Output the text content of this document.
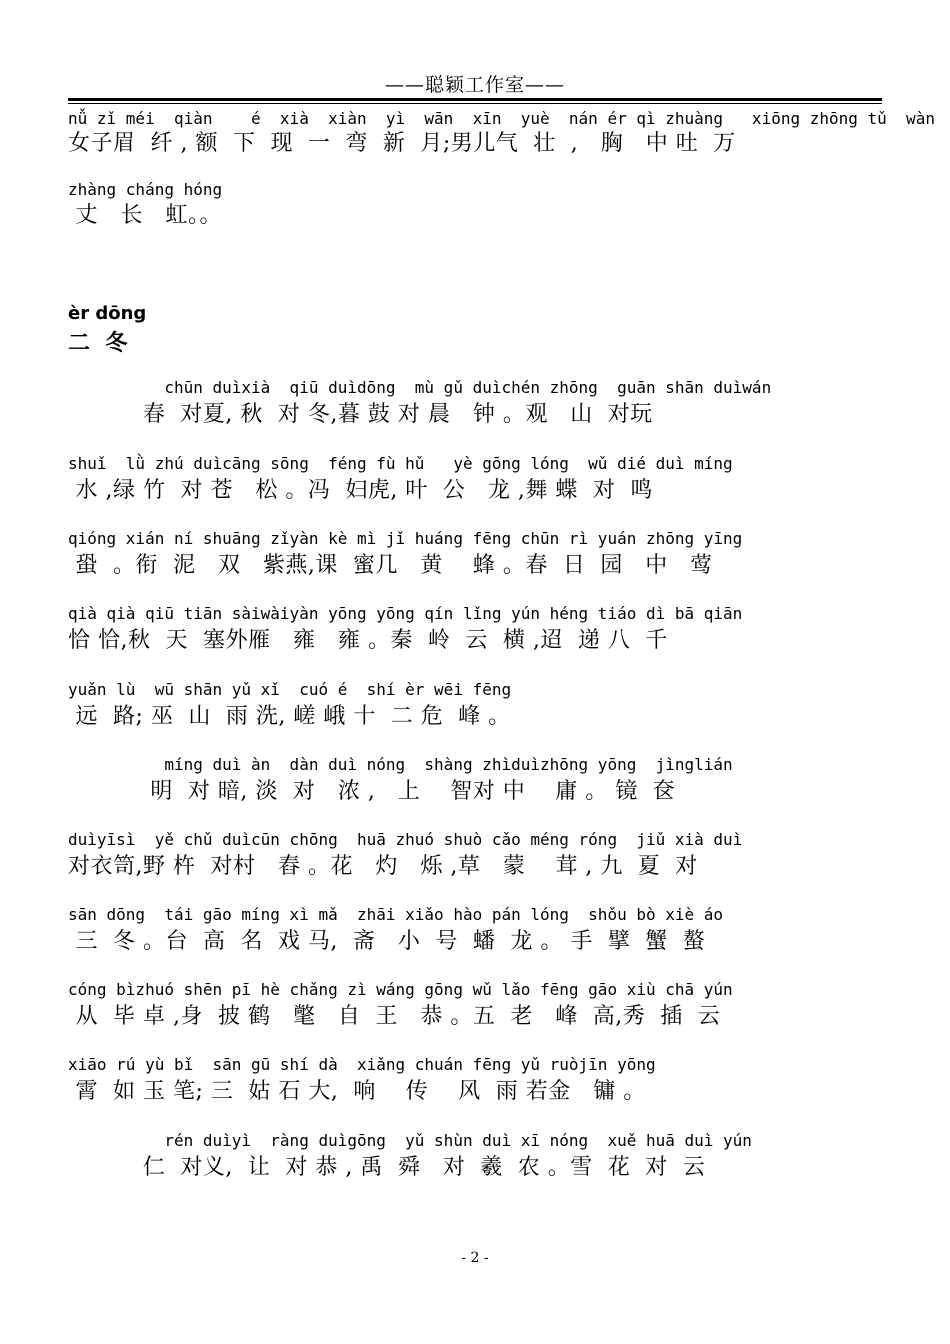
——聪颖工作室——
nǚ zǐ méi  qiàn    é  xià  xiàn  yì  wān  xīn  yuè  nán ér qì zhuàng   xiōng zhōng tǔ  wàn
女子眉  纤 , 额  下  现  一  弯  新  月;男儿气  壮  ,   胸   中 吐  万
zhàng cháng hóng
丈   长   虹。。
èr dōng
二  冬
chūn duìxià  qiū duìdōng  mù gǔ duìchén zhōng  guān shān duìwán
春  对夏, 秋  对 冬,暮 鼓 对 晨   钟 。观   山  对玩
shuǐ  lǜ zhú duìcāng sōng  féng fù hǔ   yè gōng lóng  wǔ dié duì míng
水 ,绿 竹  对 苍   松 。冯  妇虎, 叶  公   龙 ,舞 蝶  对  鸣
qióng xián ní shuāng zǐyàn kè mì jǐ huáng fēng chūn rì yuán zhōng yīng
蛩  。衔  泥   双   紫燕,课  蜜几   黄    蜂 。春  日  园   中   莺
qià qià qiū tiān sàiwàiyàn yōng yōng qín lǐng yún héng tiáo dì bā qiān
恰 恰,秋  天  塞外雁   雍   雍 。秦  岭  云  横 ,迢  递 八  千
yuǎn lù  wū shān yǔ xǐ  cuó é  shí èr wēi fēng
远  路; 巫  山  雨 洗, 嵯 峨 十  二 危  峰 。
míng duì àn  dàn duì nóng  shàng zhìduìzhōng yōng  jìnglián
明  对 暗, 淡  对   浓 ,   上    智对 中    庸 。 镜  奁
duìyīsì  yě chǔ duìcūn chōng  huā zhuó shuò cǎo méng róng  jiǔ xià duì
对衣笥,野 杵  对村   舂 。花   灼   烁 ,草   蒙    茸 , 九  夏  对
sān dōng  tái gāo míng xì mǎ  zhāi xiǎo hào pán lóng  shǒu bò xiè áo
三  冬 。台  高  名  戏 马,  斋   小  号  蟠  龙 。 手  擘  蟹  螯
cóng bìzhuó shēn pī hè chǎng zì wáng gōng wǔ lǎo fēng gāo xiù chā yún
从  毕 卓 ,身  披 鹤   氅   自  王   恭 。五  老   峰  高,秀  插  云
xiāo rú yù bǐ  sān gū shí dà  xiǎng chuán fēng yǔ ruòjīn yōng
霄  如 玉 笔; 三  姑 石 大,  响    传    风  雨 若金   镛 。
rén duìyì  ràng duìgōng  yǔ shùn duì xī nóng  xuě huā duì yún
仁  对义,  让  对 恭 , 禹  舜   对  羲  农 。雪  花  对  云
- 2 -
